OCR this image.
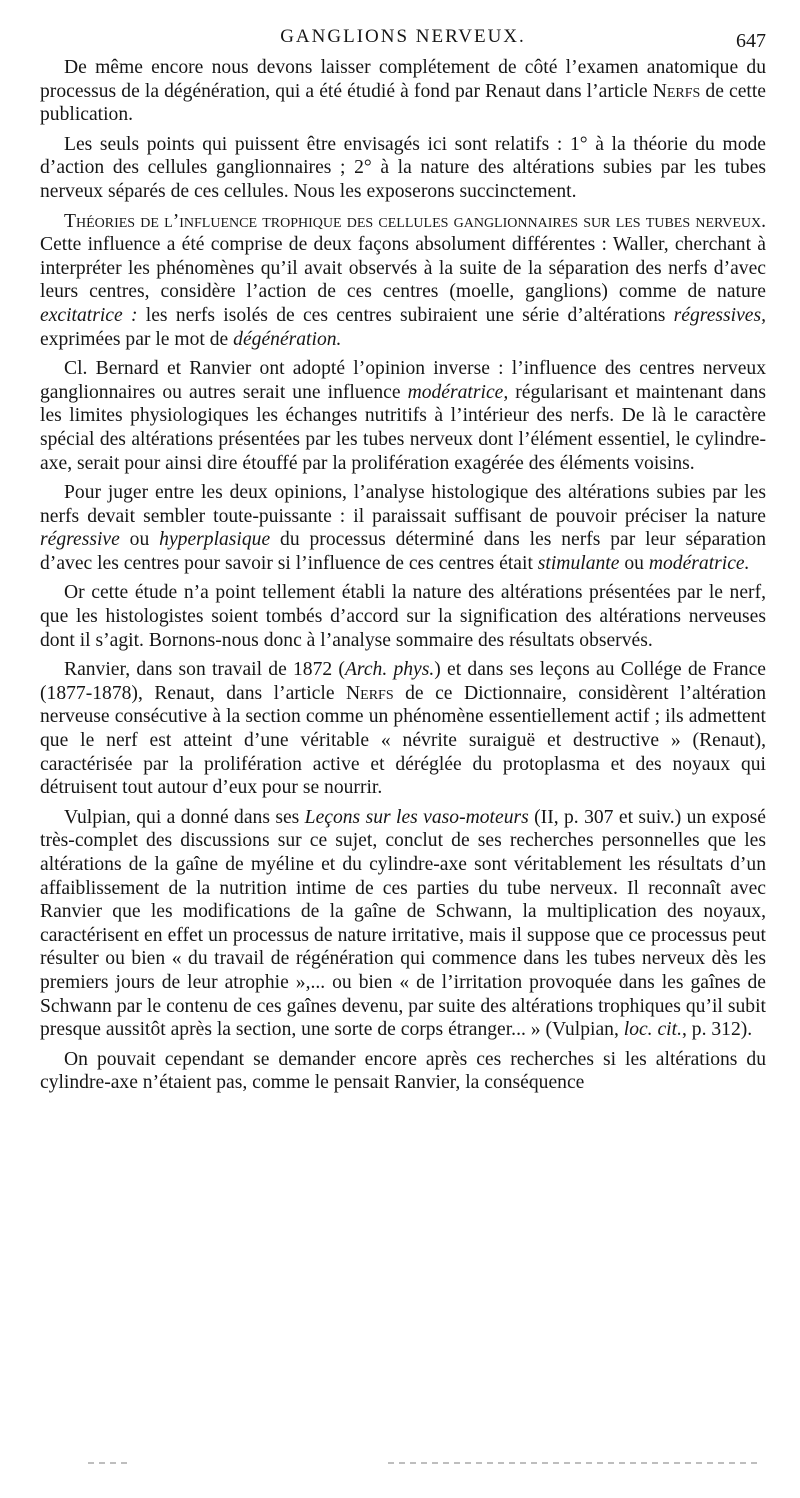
GANGLIONS NERVEUX.	647

De même encore nous devons laisser complétement de côté l’examen anatomique du processus de la dégénération, qui a été étudié à fond par Renaut dans l’article Nerfs de cette publication.

Les seuls points qui puissent être envisagés ici sont relatifs : 1° à la théorie du mode d’action des cellules ganglionnaires ; 2° à la nature des altérations subies par les tubes nerveux séparés de ces cellules. Nous les exposerons succinctement.

Théories de l’influence trophique des cellules ganglionnaires sur les tubes nerveux. Cette influence a été comprise de deux façons absolument différentes : Waller, cherchant à interpréter les phénomènes qu’il avait observés à la suite de la séparation des nerfs d’avec leurs centres, considère l’action de ces centres (moelle, ganglions) comme de nature excitatrice : les nerfs isolés de ces centres subiraient une série d’altérations régressives, exprimées par le mot de dégénération.

Cl. Bernard et Ranvier ont adopté l’opinion inverse : l’influence des centres nerveux ganglionnaires ou autres serait une influence modératrice, régularisant et maintenant dans les limites physiologiques les échanges nutritifs à l’intérieur des nerfs. De là le caractère spécial des altérations présentées par les tubes nerveux dont l’élément essentiel, le cylindre-axe, serait pour ainsi dire étouffé par la prolifération exagérée des éléments voisins.

Pour juger entre les deux opinions, l’analyse histologique des altérations subies par les nerfs devait sembler toute-puissante : il paraissait suffisant de pouvoir préciser la nature régressive ou hyperplasique du processus déterminé dans les nerfs par leur séparation d’avec les centres pour savoir si l’influence de ces centres était stimulante ou modératrice.

Or cette étude n’a point tellement établi la nature des altérations présentées par le nerf, que les histologistes soient tombés d’accord sur la signification des altérations nerveuses dont il s’agit. Bornons-nous donc à l’analyse sommaire des résultats observés.

Ranvier, dans son travail de 1872 (Arch. phys.) et dans ses leçons au Collége de France (1877-1878), Renaut, dans l’article Nerfs de ce Dictionnaire, considèrent l’altération nerveuse consécutive à la section comme un phénomène essentiellement actif ; ils admettent que le nerf est atteint d’une véritable « névrite suraiguë et destructive » (Renaut), caractérisée par la prolifération active et déréglée du protoplasma et des noyaux qui détruisent tout autour d’eux pour se nourrir.

Vulpian, qui a donné dans ses Leçons sur les vaso-moteurs (II, p. 307 et suiv.) un exposé très-complet des discussions sur ce sujet, conclut de ses recherches personnelles que les altérations de la gaîne de myéline et du cylindre-axe sont véritablement les résultats d’un affaiblissement de la nutrition intime de ces parties du tube nerveux. Il reconnaît avec Ranvier que les modifications de la gaîne de Schwann, la multiplication des noyaux, caractérisent en effet un processus de nature irritative, mais il suppose que ce processus peut résulter ou bien « du travail de régénération qui commence dans les tubes nerveux dès les premiers jours de leur atrophie »,... ou bien « de l’irritation provoquée dans les gaînes de Schwann par le contenu de ces gaînes devenu, par suite des altérations trophiques qu’il subit presque aussitôt après la section, une sorte de corps étranger... » (Vulpian, loc. cit., p. 312).

On pouvait cependant se demander encore après ces recherches si les altérations du cylindre-axe n’étaient pas, comme le pensait Ranvier, la conséquence
